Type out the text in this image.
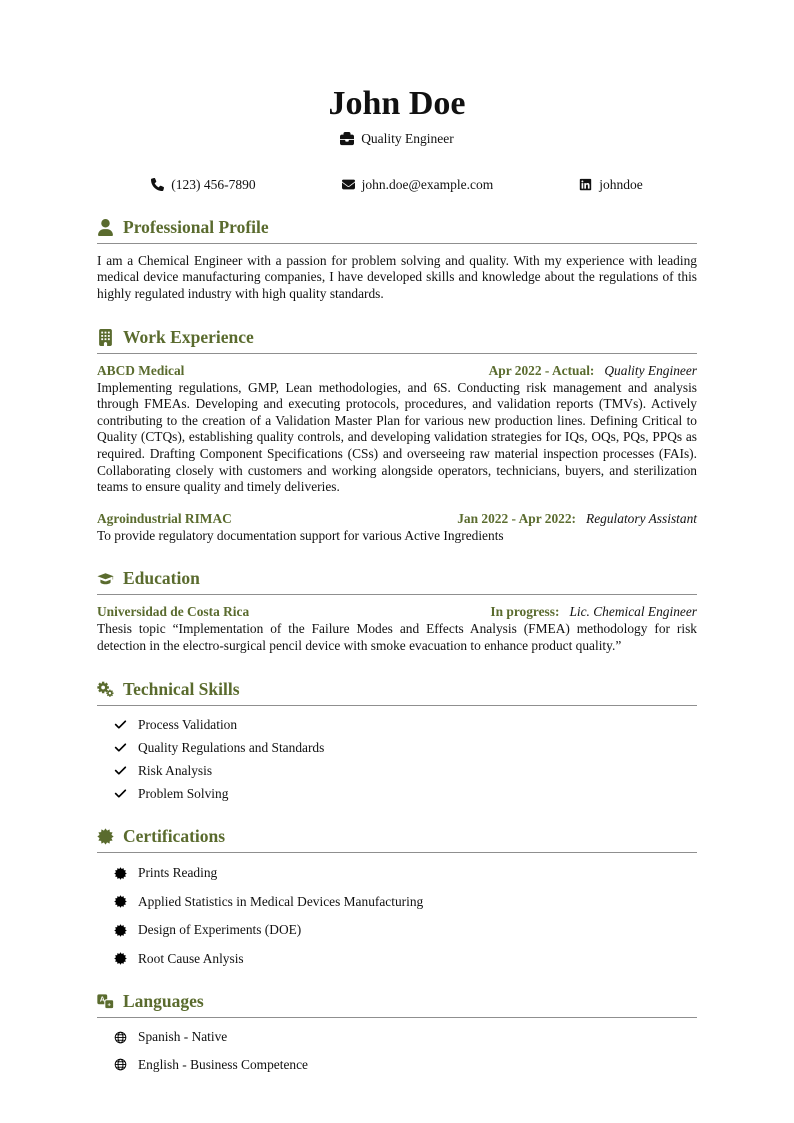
John Doe
Quality Engineer
(123) 456-7890	john.doe@example.com	johndoe
Professional Profile

I am a Chemical Engineer with a passion for problem solving and quality. With my experience with leading medical device manufacturing companies, I have developed skills and knowledge about the regulations of this highly regulated industry with high quality standards.

Work Experience
ABCD Medical	Apr 2022 - Actual: Quality Engineer

Implementing regulations, GMP, Lean methodologies, and 6S. Conducting risk management and analysis through FMEAs. Developing and executing protocols, procedures, and validation reports (TMVs). Actively contributing to the creation of a Validation Master Plan for various new production lines. Defining Critical to Quality (CTQs), establishing quality controls, and developing validation strategies for IQs, OQs, PQs, PPQs as required. Drafting Component Specifications (CSs) and overseeing raw material inspection processes (FAIs). Collaborating closely with customers and working alongside operators, technicians, buyers, and sterilization teams to ensure quality and timely deliveries.

Agroindustrial RIMAC	Jan 2022 - Apr 2022: Regulatory Assistant

To provide regulatory documentation support for various Active Ingredients

Education
Universidad de Costa Rica	In progress: Lic. Chemical Engineer

Thesis topic “Implementation of the Failure Modes and Effects Analysis (FMEA) methodology for risk detection in the electro-surgical pencil device with smoke evacuation to enhance product quality.”

Technical Skills
Process Validation
Quality Regulations and Standards
Risk Analysis
Problem Solving
Certifications
Prints Reading
Applied Statistics in Medical Devices Manufacturing
Design of Experiments (DOE)
Root Cause Anlysis
Languages
Spanish - Native
English - Business Competence
